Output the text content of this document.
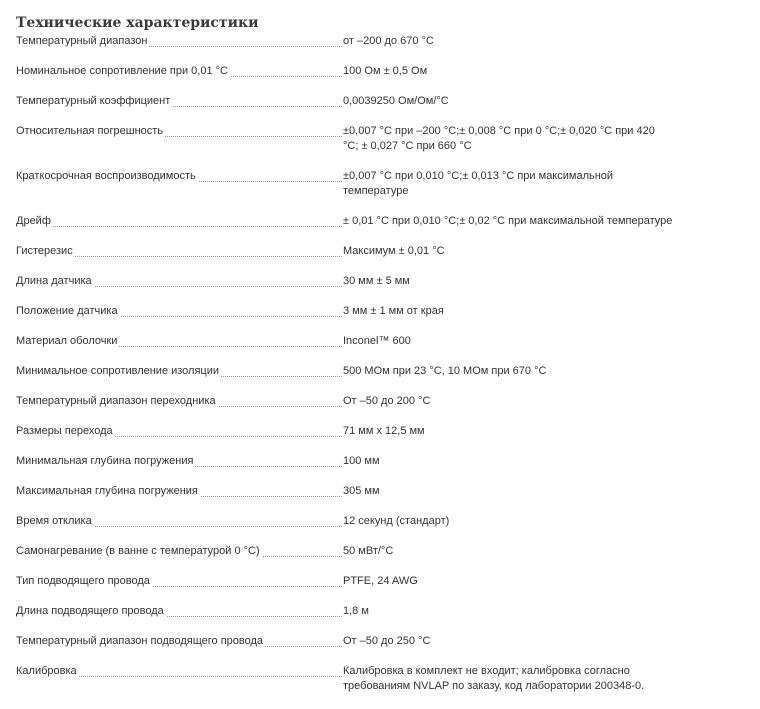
Технические характеристики
Температурный диапазон	от –200 до 670 °C
Номинальное сопротивление при 0,01 °C	100 Ом ± 0,5 Ом
Температурный коэффициент	0,0039250 Ом/Ом/°C
Относительная погрешность	±0,007 °C при –200 °C;± 0,008 °C при 0 °C;± 0,020 °C при 420 °C; ± 0,027 °C при 660 °C
Краткосрочная воспроизводимость	±0,007 °C при 0,010 °C;± 0,013 °C при максимальной температуре
Дрейф	± 0,01 °C при 0,010 °C;± 0,02 °C при максимальной температуре
Гистерезис	Максимум ± 0,01 °C
Длина датчика	30 мм ± 5 мм
Положение датчика	3 мм ± 1 мм от края
Материал оболочки	Inconel™ 600
Минимальное сопротивление изоляции	500 МОм при 23 °C, 10 МОм при 670 °C
Температурный диапазон переходника	От –50 до 200 °C
Размеры перехода	71 мм x 12,5 мм
Минимальная глубина погружения	100 мм
Максимальная глубина погружения	305 мм
Время отклика	12 секунд (стандарт)
Самонагревание (в ванне с температурой 0 °C)	50 мВт/°C
Тип подводящего провода	PTFE, 24 AWG
Длина подводящего провода	1,8 м
Температурный диапазон подводящего провода	От –50 до 250 °C
Калибровка	Калибровка в комплект не входит; калибровка согласно требованиям NVLAP по заказу, код лаборатории 200348-0.
